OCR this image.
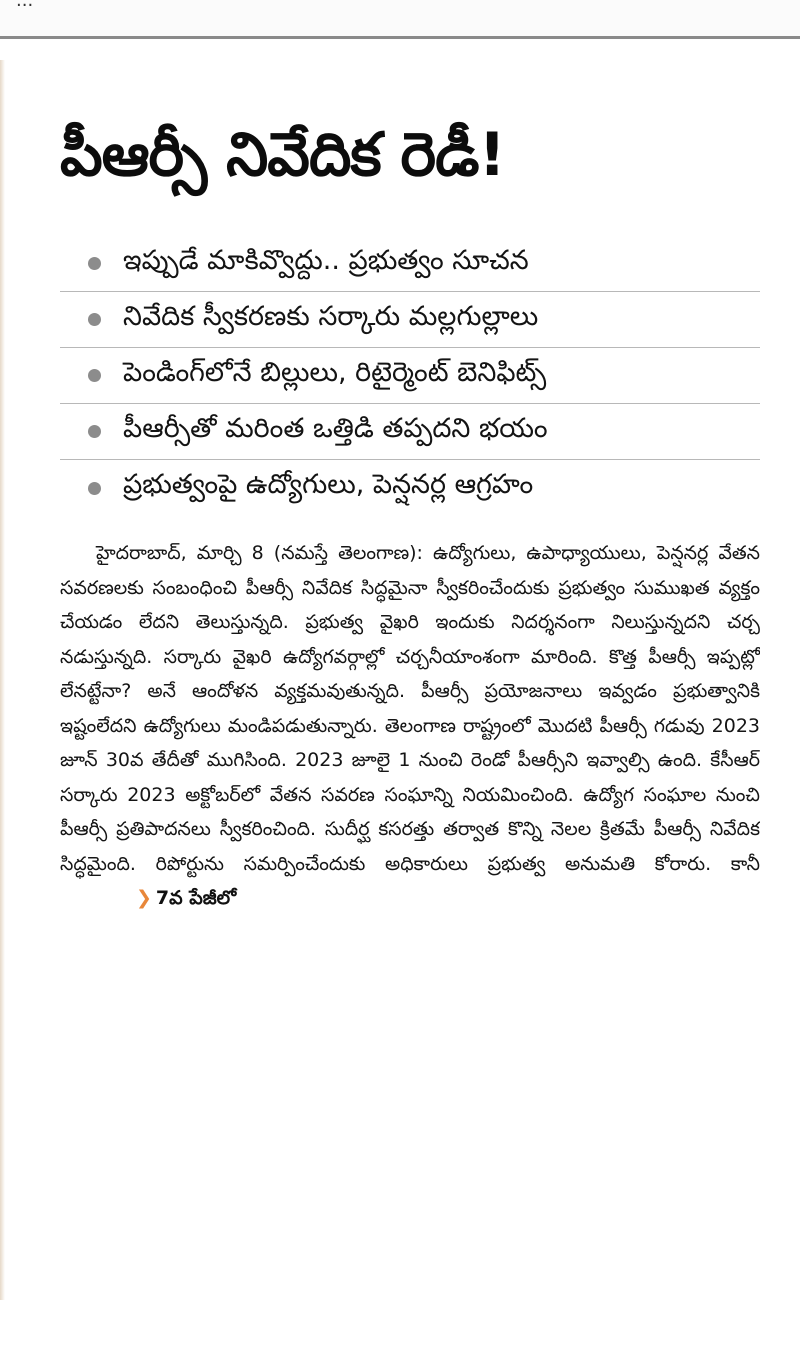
...
పీఆర్సీ నివేదిక రెడీ!
ఇప్పుడే మాకివ్వొద్దు.. ప్రభుత్వం సూచన
నివేదిక స్వీకరణకు సర్కారు మల్లగుల్లాలు
పెండింగ్‌లోనే బిల్లులు, రిటైర్మెంట్ బెనిఫిట్స్
పీఆర్సీతో మరింత ఒత్తిడి తప్పదని భయం
ప్రభుత్వంపై ఉద్యోగులు, పెన్షనర్ల ఆగ్రహం

హైదరాబాద్, మార్చి 8 (నమస్తే తెలంగాణ): ఉద్యోగులు, ఉపాధ్యాయులు, పెన్షనర్ల వేతన సవరణలకు సంబంధించి పీఆర్సీ నివేదిక సిద్ధమైనా స్వీకరించేందుకు ప్రభుత్వం సుముఖత వ్యక్తం చేయడం లేదని తెలుస్తున్నది. ప్రభుత్వ వైఖరి ఇందుకు నిదర్శనంగా నిలుస్తున్నదని చర్చ నడుస్తున్నది. సర్కారు వైఖరి ఉద్యోగవర్గాల్లో చర్చనీయాంశంగా మారింది. కొత్త పీఆర్సీ ఇప్పట్లో లేనట్టేనా? అనే ఆందోళన వ్యక్తమవుతున్నది. పీఆర్సీ ప్రయోజనాలు ఇవ్వడం ప్రభుత్వానికి ఇష్టంలేదని ఉద్యోగులు మండిపడుతున్నారు. తెలంగాణ రాష్ట్రంలో మొదటి పీఆర్సీ గడువు 2023 జూన్ 30వ తేదీతో ముగిసింది. 2023 జూలై 1 నుంచి రెండో పీఆర్సీని ఇవ్వాల్సి ఉంది. కేసీఆర్ సర్కారు 2023 అక్టోబర్‌లో వేతన సవరణ సంఘాన్ని నియమించింది. ఉద్యోగ సంఘాల నుంచి పీఆర్సీ ప్రతిపాదనలు స్వీకరించింది. సుదీర్ఘ కసరత్తు తర్వాత కొన్ని నెలల క్రితమే పీఆర్సీ నివేదిక సిద్ధమైంది. రిపోర్టును సమర్పించేందుకు అధికారులు ప్రభుత్వ అనుమతి కోరారు. కానీ ❯ 7వ పేజీలో
